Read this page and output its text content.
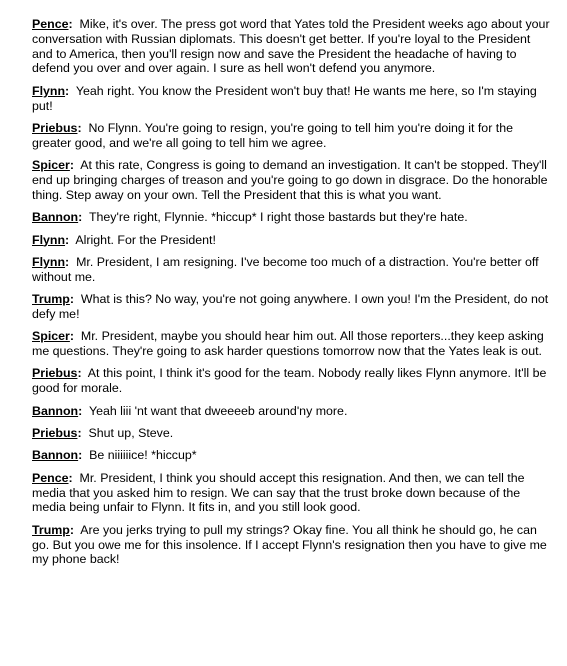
Pence: Mike, it's over. The press got word that Yates told the President weeks ago about your conversation with Russian diplomats. This doesn't get better. If you're loyal to the President and to America, then you'll resign now and save the President the headache of having to defend you over and over again. I sure as hell won't defend you anymore.

Flynn: Yeah right. You know the President won't buy that! He wants me here, so I'm staying put!

Priebus: No Flynn. You're going to resign, you're going to tell him you're doing it for the greater good, and we're all going to tell him we agree.

Spicer: At this rate, Congress is going to demand an investigation. It can't be stopped. They'll end up bringing charges of treason and you're going to go down in disgrace. Do the honorable thing. Step away on your own. Tell the President that this is what you want.

Bannon: They're right, Flynnie. *hiccup* I right those bastards but they're hate.

Flynn: Alright. For the President!

Flynn: Mr. President, I am resigning. I've become too much of a distraction. You're better off without me.

Trump: What is this? No way, you're not going anywhere. I own you! I'm the President, do not defy me!

Spicer: Mr. President, maybe you should hear him out. All those reporters...they keep asking me questions. They're going to ask harder questions tomorrow now that the Yates leak is out.

Priebus: At this point, I think it's good for the team. Nobody really likes Flynn anymore. It'll be good for morale.

Bannon: Yeah liii 'nt want that dweeeeb around'ny more.

Priebus: Shut up, Steve.

Bannon: Be niiiiiice! *hiccup*

Pence: Mr. President, I think you should accept this resignation. And then, we can tell the media that you asked him to resign. We can say that the trust broke down because of the media being unfair to Flynn. It fits in, and you still look good.

Trump: Are you jerks trying to pull my strings? Okay fine. You all think he should go, he can go. But you owe me for this insolence. If I accept Flynn's resignation then you have to give me my phone back!
